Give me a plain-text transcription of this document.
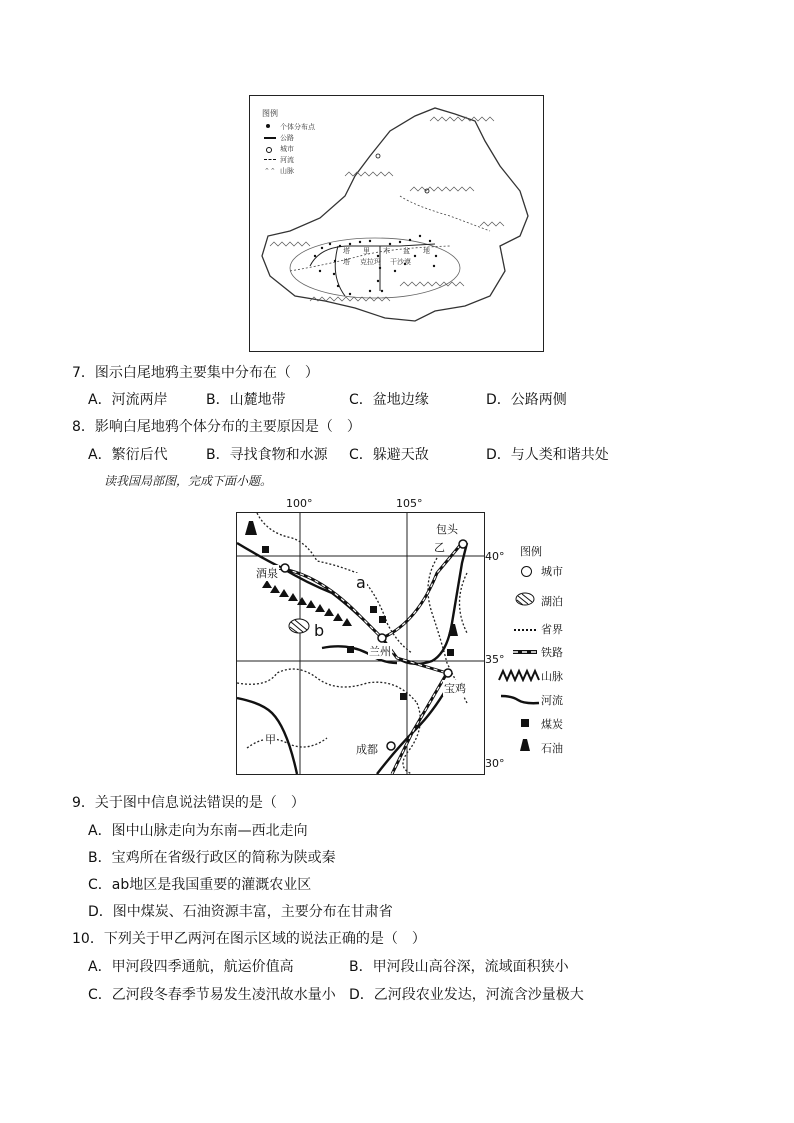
图例
个体分布点
公路
城市
河流
⌃⌃ 山脉
塔 里 木 盆 地
塔 克拉玛 干沙漠
7．图示白尾地鸦主要集中分布在（　）
A．河流两岸	B．山麓地带	C．盆地边缘	D．公路两侧
8．影响白尾地鸦个体分布的主要原因是（　）
A．繁衍后代	B．寻找食物和水源 C．躲避天敌	D．与人类和谐共处
读我国局部图，完成下面小题。
100°	105°
40°
35°
30°
包头
乙
酒泉	a
b
兰州
宝鸡
甲
成都
图例
城市
湖泊
省界
铁路
山脉
河流
煤炭
石油
9．关于图中信息说法错误的是（　）
A．图中山脉走向为东南—西北走向
B．宝鸡所在省级行政区的简称为陕或秦
C．ab地区是我国重要的灌溉农业区
D．图中煤炭、石油资源丰富，主要分布在甘肃省
10．下列关于甲乙两河在图示区域的说法正确的是（　）
A．甲河段四季通航，航运价值高	B．甲河段山高谷深，流域面积狭小
C．乙河段冬春季节易发生凌汛故水量小 D．乙河段农业发达，河流含沙量极大
